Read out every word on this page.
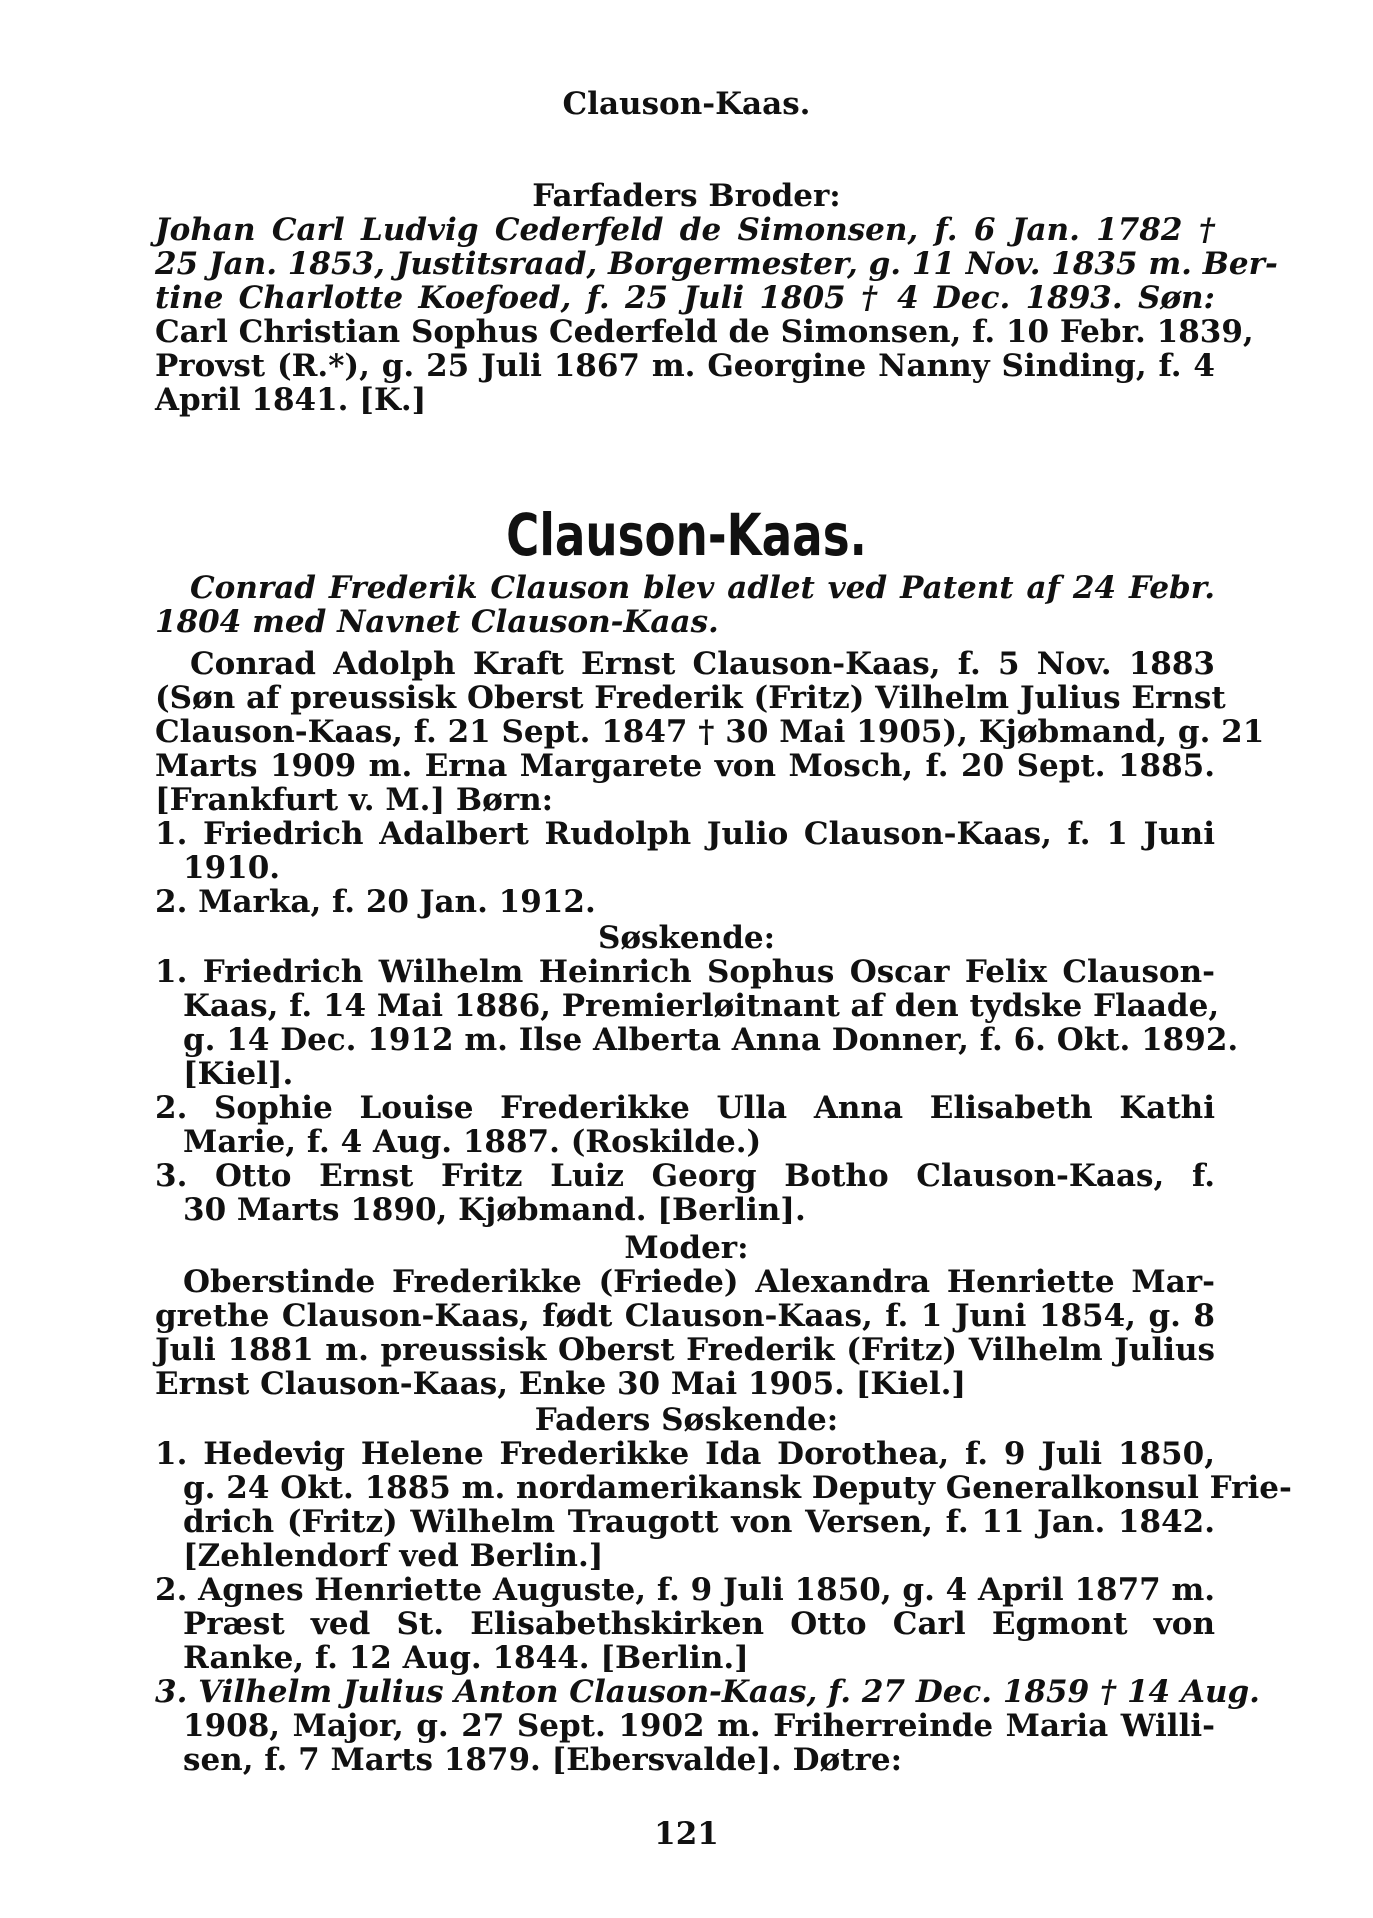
Clauson-Kaas.
Farfaders Broder:
Johan Carl Ludvig Cederfeld de Simonsen, f. 6 Jan. 1782 †
25 Jan. 1853, Justitsraad, Borgermester, g. 11 Nov. 1835 m. Ber-
tine Charlotte Koefoed, f. 25 Juli 1805 † 4 Dec. 1893. Søn:
Carl Christian Sophus Cederfeld de Simonsen, f. 10 Febr. 1839,
Provst (R.*), g. 25 Juli 1867 m. Georgine Nanny Sinding, f. 4
April 1841. [K.]
Clauson-Kaas.
Conrad Frederik Clauson blev adlet ved Patent af 24 Febr.
1804 med Navnet Clauson-Kaas.
Conrad Adolph Kraft Ernst Clauson-Kaas, f. 5 Nov. 1883
(Søn af preussisk Oberst Frederik (Fritz) Vilhelm Julius Ernst
Clauson-Kaas, f. 21 Sept. 1847 † 30 Mai 1905), Kjøbmand, g. 21
Marts 1909 m. Erna Margarete von Mosch, f. 20 Sept. 1885.
[Frankfurt v. M.] Børn:
1. Friedrich Adalbert Rudolph Julio Clauson-Kaas, f. 1 Juni
1910.
2. Marka, f. 20 Jan. 1912.
Søskende:
1. Friedrich Wilhelm Heinrich Sophus Oscar Felix Clauson-
Kaas, f. 14 Mai 1886, Premierløitnant af den tydske Flaade,
g. 14 Dec. 1912 m. Ilse Alberta Anna Donner, f. 6. Okt. 1892.
[Kiel].
2. Sophie Louise Frederikke Ulla Anna Elisabeth Kathi
Marie, f. 4 Aug. 1887. (Roskilde.)
3. Otto Ernst Fritz Luiz Georg Botho Clauson-Kaas, f.
30 Marts 1890, Kjøbmand. [Berlin].
Moder:
Oberstinde Frederikke (Friede) Alexandra Henriette Mar-
grethe Clauson-Kaas, født Clauson-Kaas, f. 1 Juni 1854, g. 8
Juli 1881 m. preussisk Oberst Frederik (Fritz) Vilhelm Julius
Ernst Clauson-Kaas, Enke 30 Mai 1905. [Kiel.]
Faders Søskende:
1. Hedevig Helene Frederikke Ida Dorothea, f. 9 Juli 1850,
g. 24 Okt. 1885 m. nordamerikansk Deputy Generalkonsul Frie-
drich (Fritz) Wilhelm Traugott von Versen, f. 11 Jan. 1842.
[Zehlendorf ved Berlin.]
2. Agnes Henriette Auguste, f. 9 Juli 1850, g. 4 April 1877 m.
Præst ved St. Elisabethskirken Otto Carl Egmont von
Ranke, f. 12 Aug. 1844. [Berlin.]
3. Vilhelm Julius Anton Clauson-Kaas, f. 27 Dec. 1859 † 14 Aug.
1908, Major, g. 27 Sept. 1902 m. Friherreinde Maria Willi-
sen, f. 7 Marts 1879. [Ebersvalde]. Døtre:
121
